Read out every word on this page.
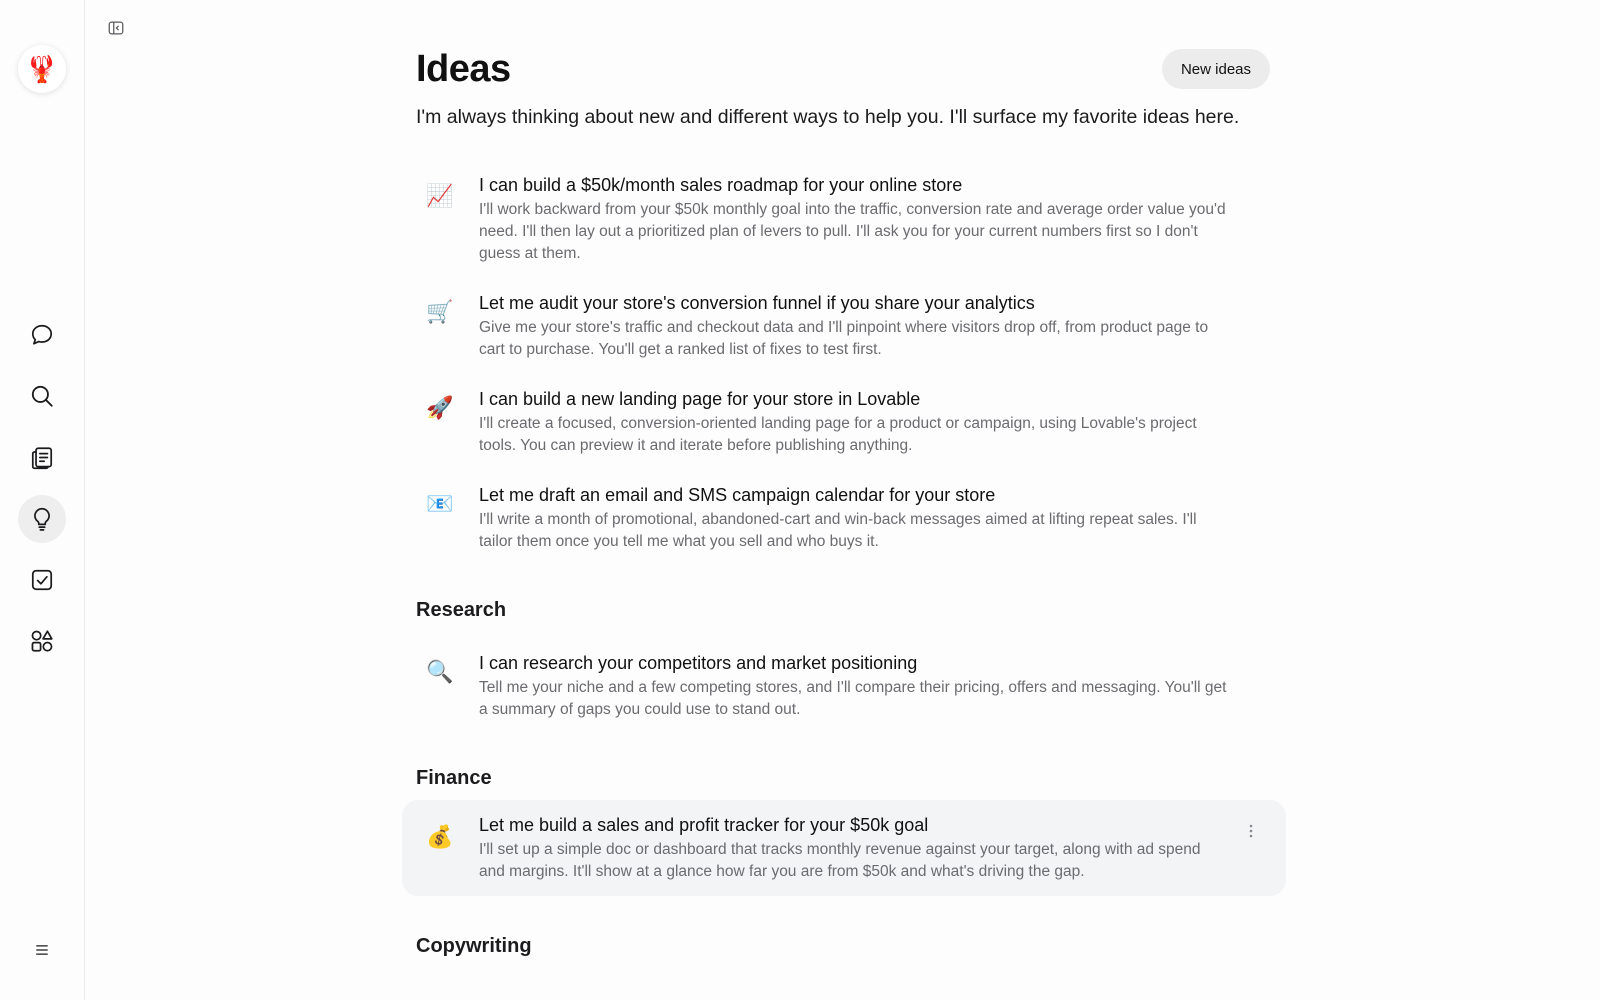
🦞	Ideas	New ideas
I'm always thinking about new and different ways to help you. I'll surface my favorite ideas here.
📈 I can build a $50k/month sales roadmap for your online store
I'll work backward from your $50k monthly goal into the traffic, conversion rate and average order value you'd need. I'll then lay out a prioritized plan of levers to pull. I'll ask you for your current numbers first so I don't guess at them.
🛒 Let me audit your store's conversion funnel if you share your analytics
Give me your store's traffic and checkout data and I'll pinpoint where visitors drop off, from product page to cart to purchase. You'll get a ranked list of fixes to test first.
🚀 I can build a new landing page for your store in Lovable
I'll create a focused, conversion-oriented landing page for a product or campaign, using Lovable's project tools. You can preview it and iterate before publishing anything.
📧 Let me draft an email and SMS campaign calendar for your store
I'll write a month of promotional, abandoned-cart and win-back messages aimed at lifting repeat sales. I'll tailor them once you tell me what you sell and who buys it.
Research
🔍 I can research your competitors and market positioning
Tell me your niche and a few competing stores, and I'll compare their pricing, offers and messaging. You'll get a summary of gaps you could use to stand out.
Finance
💰 Let me build a sales and profit tracker for your $50k goal
I'll set up a simple doc or dashboard that tracks monthly revenue against your target, along with ad spend and margins. It'll show at a glance how far you are from $50k and what's driving the gap.
Copywriting
